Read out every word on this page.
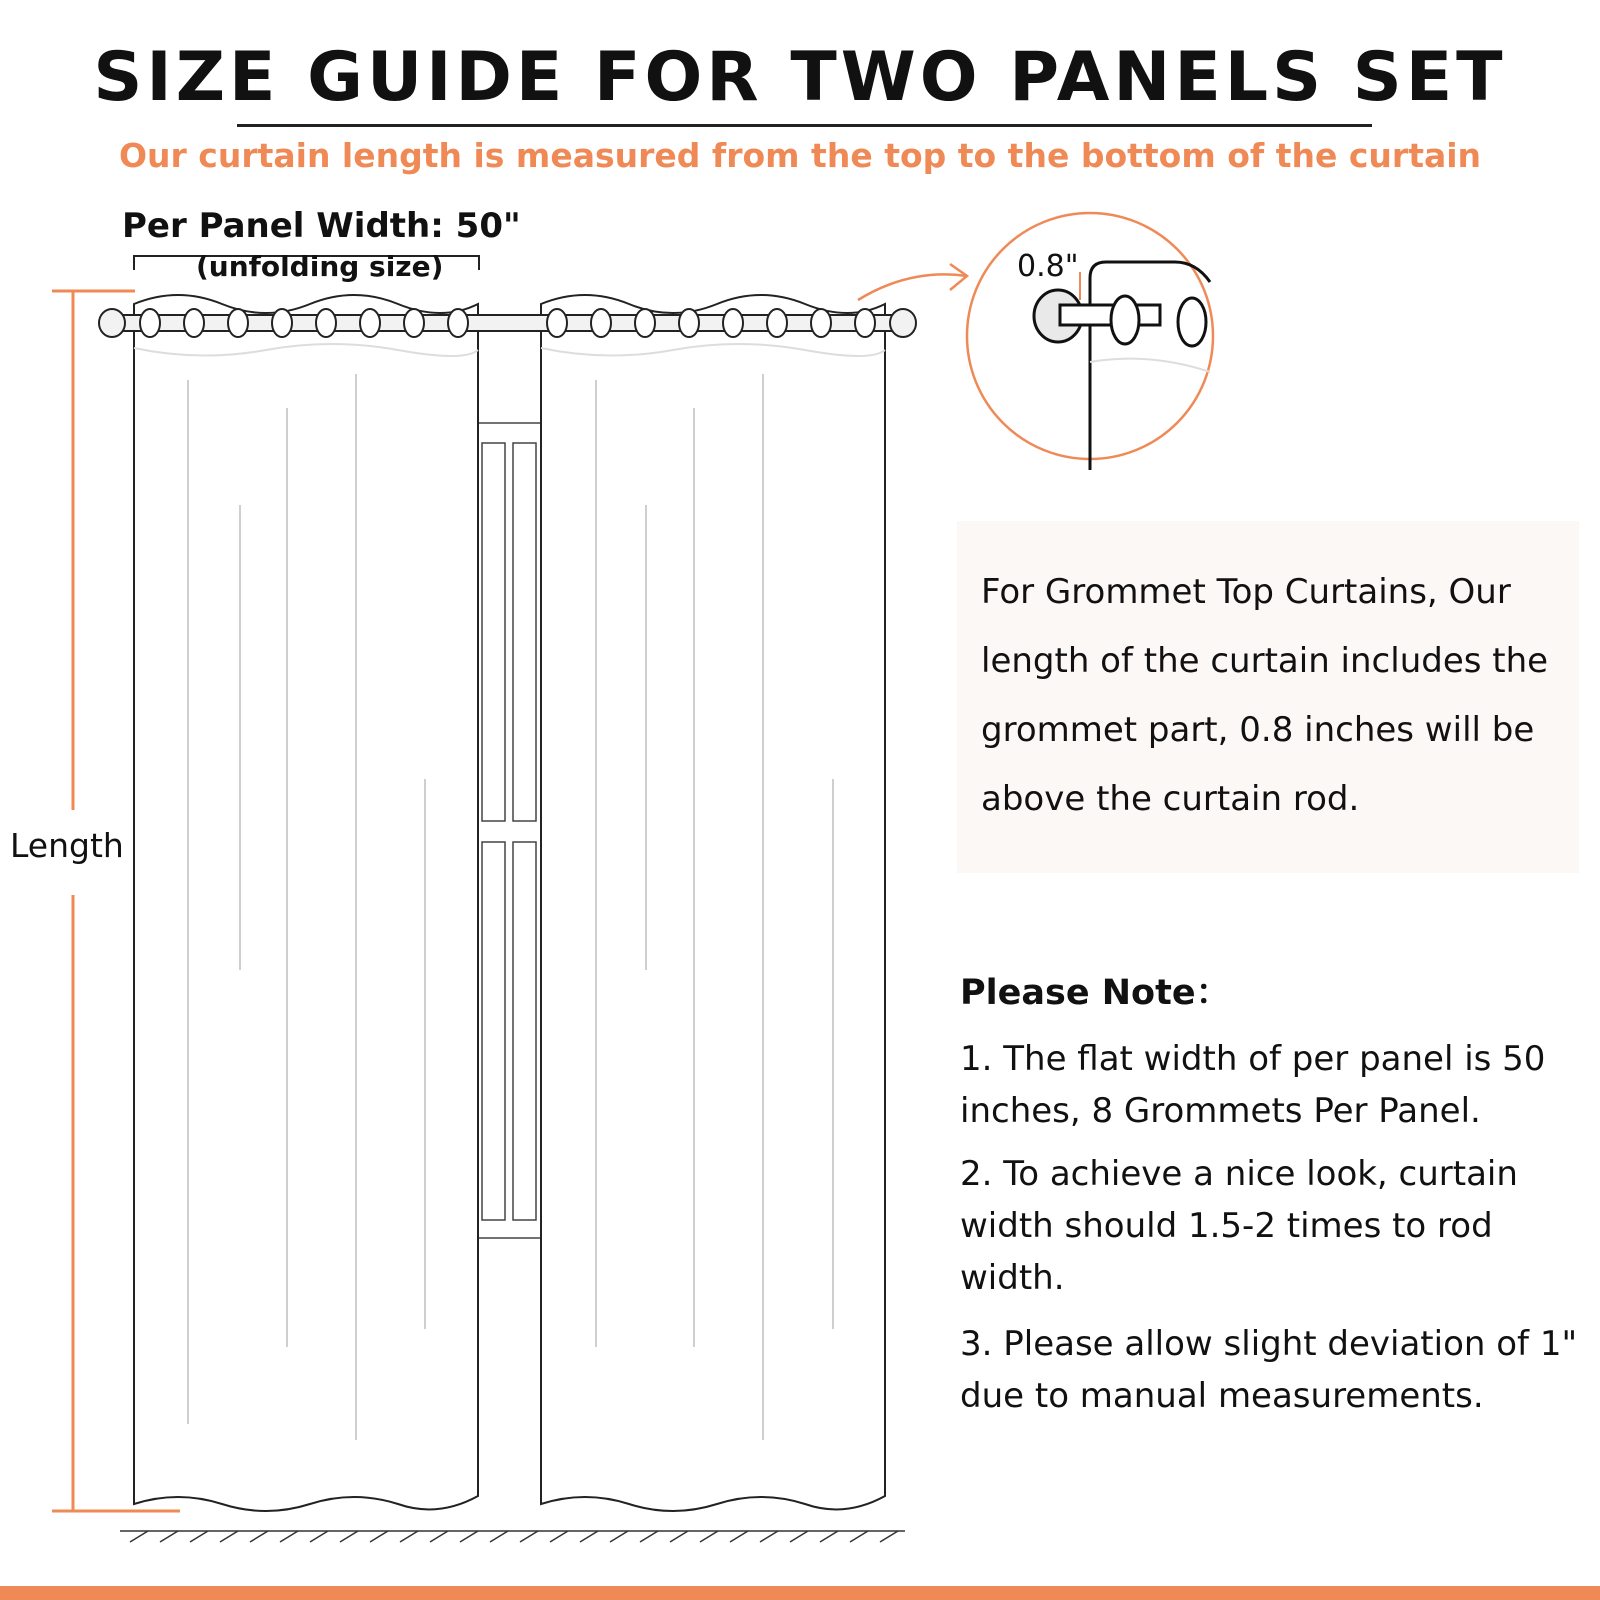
SIZE GUIDE FOR TWO PANELS SET
Our curtain length is measured from the top to the bottom of the curtain
Per Panel Width: 50"
(unfolding size)
Length
0.8"

For Grommet Top Curtains, Our length of the curtain includes the grommet part, 0.8 inches will be above the curtain rod.

Please Note：

1. The flat width of per panel is 50 inches, 8 Grommets Per Panel.

2. To achieve a nice look, curtain width should 1.5-2 times to rod width.

3. Please allow slight deviation of 1" due to manual measurements.
